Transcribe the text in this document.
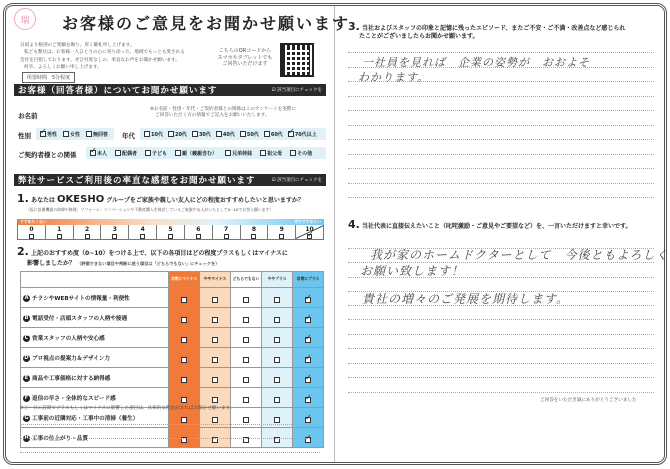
瑞	お客様のご意見をお聞かせ願います
日頃より格別のご愛顧を賜り、厚く御礼申し上げます。
私ども弊社は、お客様一人ひとりの心に寄り添った、地域でもっとも愛される
会社を目指しております。ぜひ忖度なしの、率直なお声をお聞かせ願います。
何卒、よろしくお願い申し上げます。
所要時間　5分程度
こちらのQRコードから
スマホやタブレットでも
ご回答いただけます
お客様（回答者様）についてお聞かせ願います	☑ 該当項目にチェックを
お名前
※お名前・性別・年代・ご契約者様との関係はこのアンケートを実際に
ご回答いただく方の情報でご記入をお願いいたします。
性別 ✓	男性	女性	無回答 年代	10代 20代 30代 40代 50代 60代 ✓ 70代以上
ご契約者様との関係 ✓	本人	配偶者	子ども	親（義親含む）	兄弟姉妹	祖父母	その他
弊社サービスご利用後の率直な感想をお聞かせ願います	☑ 該当項目にチェックを
1. あなたは OKESHO グループをご家族や親しい友人にどの程度おすすめしたいと思いますか？
（仮に設備機器の故障や修理、リフォーム・リノベーションや不動産購入を検討しているご家族や友人がいたとして0~10でお答え願います）
すすめたくない	ぜひすすめたい
0	1	2	3	4	5	6	7	8	9
✓
2. 上記のおすすめ度（0~10）をつける上で、以下の各項目はどの程度プラスもしくはマイナスに
影響しましたか？ （評価できない項目や判断に迷う項目は「どちらでもない」にチェックを）
	非常にマイナス	ややマイナス	どちらでもない	ややプラス	非常にプラス
A チラシやWEBサイトの情報量・利便性					✓
B 電話受付・店頭スタッフの人柄や接遇					✓
C 営業スタッフの人柄や安心感					✓
D プロ視点の提案力＆デザイン力					✓
E 商品や工事価格に対する納得感					✓
F 返信の早さ・全体的なスピード感					✓
G 工事前の近隣対応・工事中の清掃（養生）					✓
H 工事の仕上がり・品質					✓
※Ⓐ～Ⓗの設問でプラスもしくはマイナスに影響した項目は、具体的な理由があればお聞かせ願います。
3. 当社およびスタッフの印象と記憶に残ったエピソード、またご不安・ご不満・改善点など感じられ
たことがございましたらお聞かせ願います。
一社員を見れば　企業の姿勢が　おおよそ
わかります。
4. 当社代表に直接伝えたいこと（叱咤激励・ご意見やご要望など）を、一言いただけますと幸いです。
我が家のホームドクターとして　今後ともよろしく
お願い致します！
貴社の増々のご発展を期待します。
ご回答をいただき誠にありがとうございました
